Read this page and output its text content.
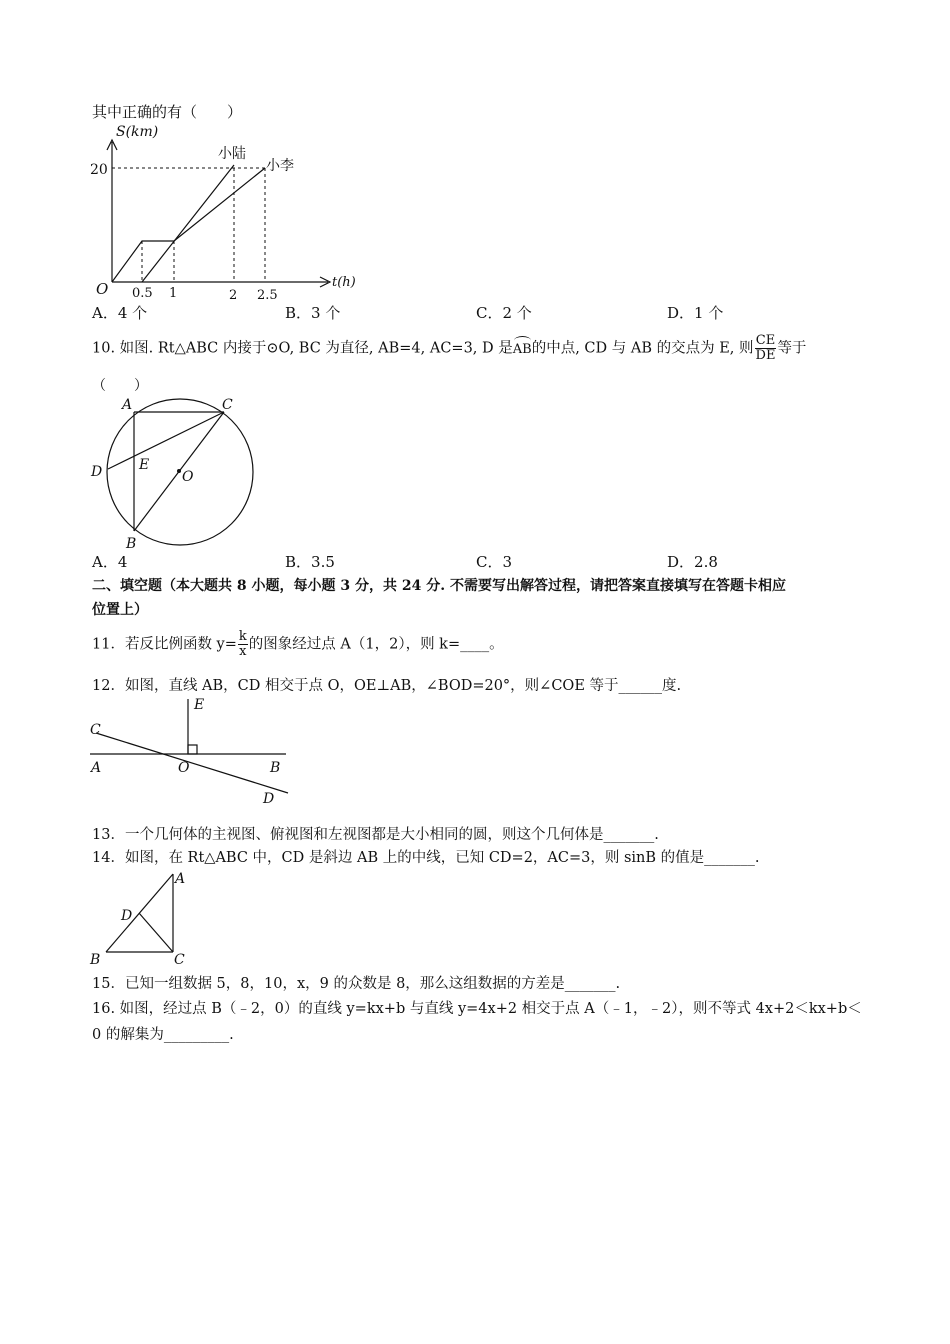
其中正确的有（　　）
S(km)
t(h)
O
20
0.5 1	2 2.5
小陆
小李
A．4 个	B．3 个	C．2 个	D．1 个
10. 如图. Rt△ABC 内接于⊙O, BC 为直径, AB=4, AC=3, D 是AB的中点, CD 与 AB 的交点为 E, 则 $\frac{CE}{DE}$ 等于
（　　）
A	C
D	E
O
B
A．4	B．3.5	C．3	D．2.8
二、填空题（本大题共 8 小题，每小题 3 分，共 24 分. 不需要写出解答过程，请把答案直接填写在答题卡相应
位置上）
11．若反比例函数 $y= \frac{k}{x}$ 的图象经过点 A（1，2），则 k=____。
12．如图，直线 AB，CD 相交于点 O，OE⊥AB，∠BOD=20°，则∠COE 等于______度.
E
C
A	O	B
D
13．一个几何体的主视图、俯视图和左视图都是大小相同的圆，则这个几何体是_______.
14．如图，在 Rt△ABC 中，CD 是斜边 AB 上的中线，已知 CD=2，AC=3，则 sinB 的值是_______.
A
D
B	C
15．已知一组数据 5，8，10，x，9 的众数是 8，那么这组数据的方差是_______.
16. 如图，经过点 B（﹣2，0）的直线 y=kx+b 与直线 y=4x+2 相交于点 A（﹣1，﹣2），则不等式 4x+2＜kx+b＜
0 的解集为_________.
